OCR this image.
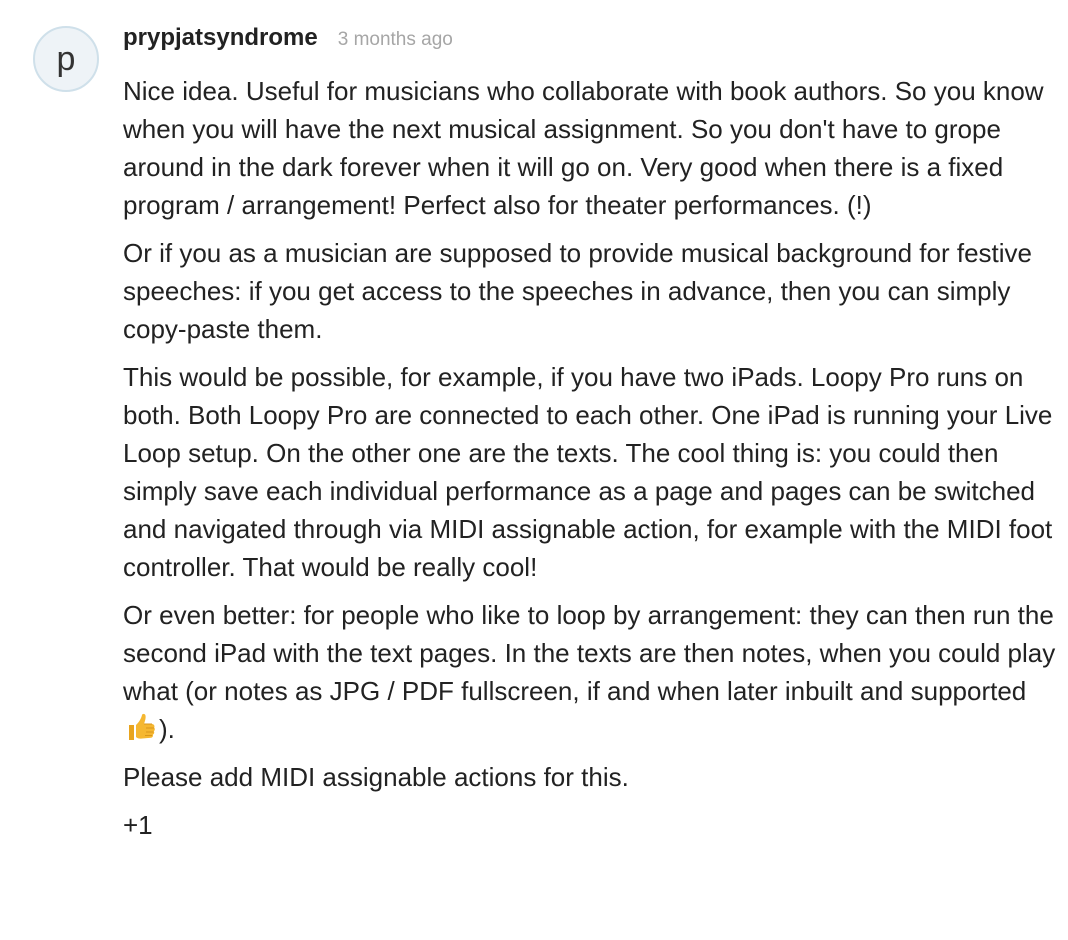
p
prypjatsyndrome 3 months ago

Nice idea. Useful for musicians who collaborate with book authors. So you know when you will have the next musical assignment. So you don't have to grope around in the dark forever when it will go on. Very good when there is a fixed program / arrangement! Perfect also for theater performances. (!)

Or if you as a musician are supposed to provide musical background for festive speeches: if you get access to the speeches in advance, then you can simply copy-paste them.

This would be possible, for example, if you have two iPads. Loopy Pro runs on both. Both Loopy Pro are connected to each other. One iPad is running your Live Loop setup. On the other one are the texts. The cool thing is: you could then simply save each individual performance as a page and pages can be switched and navigated through via MIDI assignable action, for example with the MIDI foot controller. That would be really cool!

Or even better: for people who like to loop by arrangement: they can then run the second iPad with the text pages. In the texts are then notes, when you could play what (or notes as JPG / PDF fullscreen, if and when later inbuilt and supported ).

Please add MIDI assignable actions for this.

+1
